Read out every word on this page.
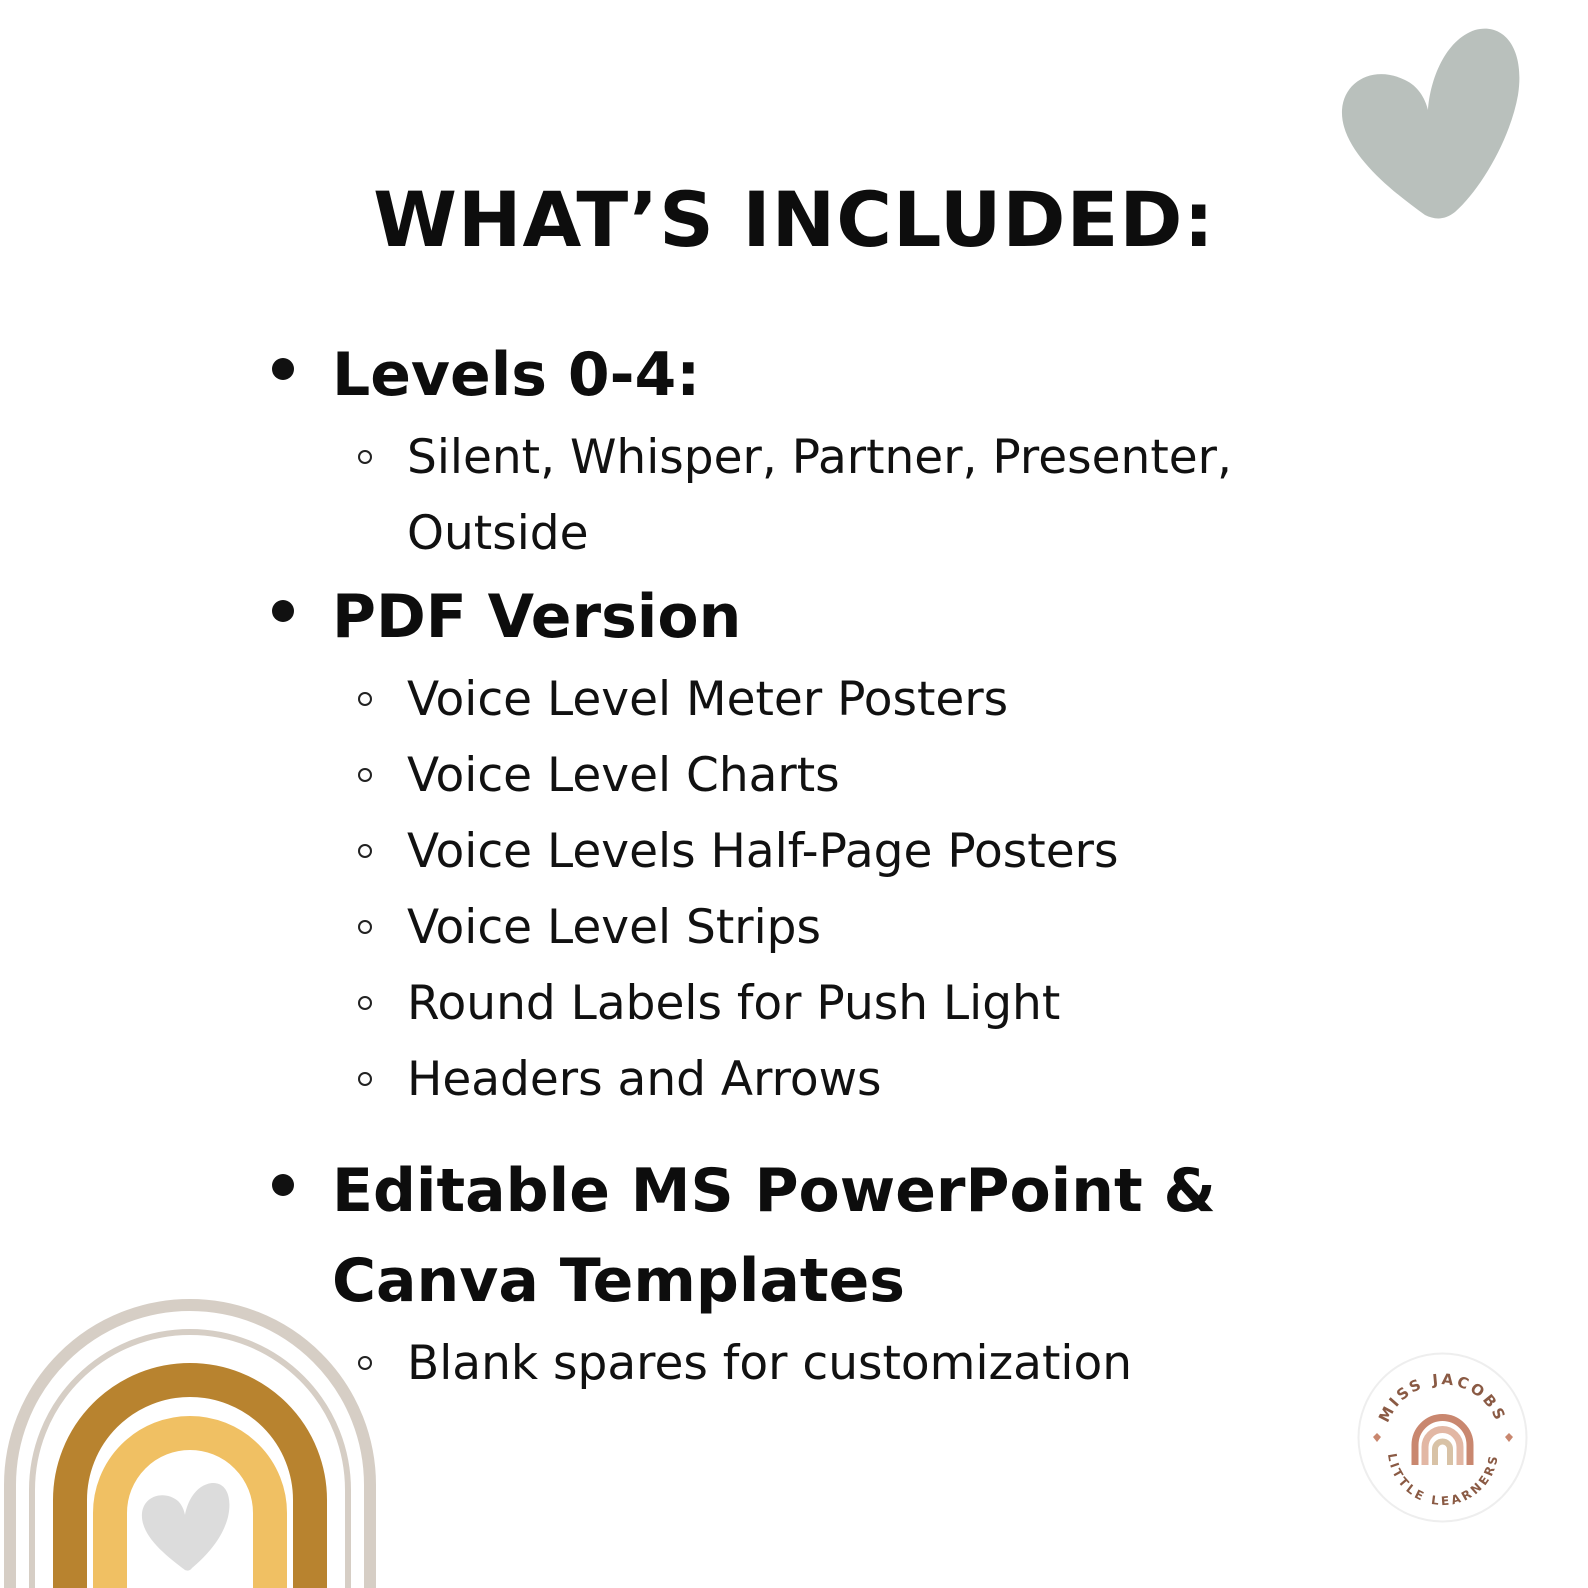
WHAT’S INCLUDED:
Levels 0-4:
Silent, Whisper, Partner, Presenter, Outside
PDF Version
Voice Level Meter Posters
Voice Level Charts
Voice Levels Half-Page Posters
Voice Level Strips
Round Labels for Push Light
Headers and Arrows
Editable MS PowerPoint & Canva Templates
Blank spares for customization
MISS JACOBS
LITTLE LEARNERS
